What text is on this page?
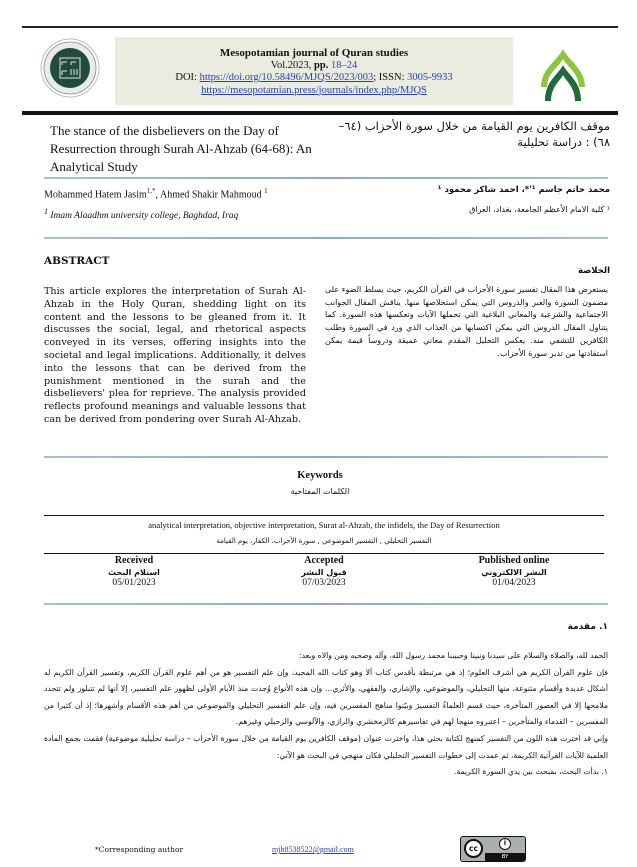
Mesopotamian journal of Quran studies
Vol.2023, pp. 18–24
DOI: https://doi.org/10.58496/MJQS/2023/003; ISSN: 3005-9933
https://mesopotamian.press/journals/index.php/MJQS
The stance of the disbelievers on the Day of Resurrection through Surah Al-Ahzab (64-68): An Analytical Study
موقف الكافرين يوم القيامة من خلال سورة الأحزاب (٦٤– ٦٨) : دراسة تحليلية
Mohammed Hatem Jasim$^{1,*}$, Ahmed Shakir Mahmoud $^1$
$^1$ Imam Alaadhm university college, Baghdad, Iraq
محمد حاتم جاسم ¹'*، احمد شاكر محمود ¹
¹ كلية الامام الأعظم الجامعة، بغداد، العراق
ABSTRACT
الخلاصة
This article explores the interpretation of Surah Al-Ahzab in the Holy Quran, shedding light on its content and the lessons to be gleaned from it. It discusses the social, legal, and rhetorical aspects conveyed in its verses, offering insights into the societal and legal implications. Additionally, it delves into the lessons that can be derived from the punishment mentioned in the surah and the disbelievers' plea for reprieve. The analysis provided reflects profound meanings and valuable lessons that can be derived from pondering over Surah Al-Ahzab.
يستعرض هذا المقال تفسير سورة الأحزاب في القرآن الكريم، حيث يسلط الضوء على مضمون السورة والعبر والدروس التي يمكن استخلاصها منها. يناقش المقال الجوانب الاجتماعية والشرعية والمعاني البلاغية التي تحملها الآيات وتعكسها هذه السورة. كما يتناول المقال الدروس التي يمكن اكتسابها من العذاب الذي ورد في السورة وطلب الكافرين للتشفي منه. يعكس التحليل المقدم معاني عميقة ودروساً قيمة يمكن استفادتها من تدبر سورة الأحزاب.
Keywords
الكلمات المفتاحية
analytical interpretation, objective interpretation, Surat al-Ahzab, the infidels, the Day of Resurrection
التفسير التحليلي , التفسير الموضوعي , سورة الأحزاب، الكفار، يوم القيامة
Received
استلام البحث
05/01/2023
Accepted
قبول النشر
07/03/2023
Published online
النشر الالكتروني
01/04/2023
١. مقدمة

الحمد لله، والصلاة والسلام على سيدنا ونبينا وحبيبنا محمد رسول الله، وآله وصحبه ومن والاه وبعد:

فإن علوم القرآن الكريم هي أشرف العلوم؛ إذ هي مرتبطة بأقدس كتاب ألا وهو كتاب الله المجيد، وإن علم التفسير هو من أهم علوم القرآن الكريم، وتفسير القرآن الكريم له أشكال عديدة وأقسام متنوعة، منها التحليلي، والموضوعي، والإشاري، والفقهي، والأثري... وإن هذه الأنواع وُجدت منذ الأيام الأولى لظهور علم التفسير، إلا أنها لم تتبلور ولم تتحدد ملامحها إلا في العصور المتأخرة، حيث قسم العلماءُ التفسيرَ وبيّنوا مناهج المفسرين فيه، وإن علم التفسير التحليلي والموضوعي من أهم هذه الأقسام وأشهرها؛ إذ أن كثيرا من المفسرين – القدماء والمتأخرين – اعتبروه منهجا لهم في تفاسيرهم كالزمخشري والرازي، والآلوسي والزحيلي وغيرهم.

وإني قد اخترت هذه اللون من التفسير كمنهج لكتابة بحثي هذا، واخترت عنوان (موقف الكافرين يوم القيامة من خلال سورة الأحزاب – دراسة تحليلية موضوعية) فقمت بجمع المادة العلمية للآيات القرآنية الكريمة، ثم عمدت إلى خطوات التفسير التحليلي فكان منهجي في البحث هو الآتي:

١. بدأت البحث، بمبحث بين يدي السورة الكريمة.

*Corresponding author	mjh8538522@gmail.com	cc
i
BY
